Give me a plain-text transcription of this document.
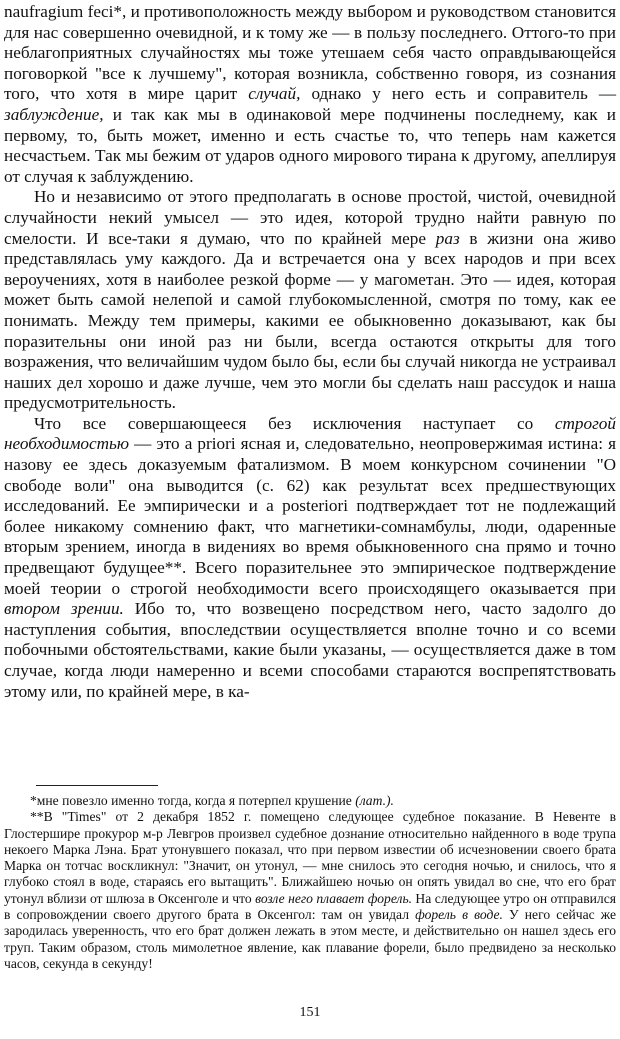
naufragium feci*, и противоположность между выбором и руководством становится для нас совершенно очевидной, и к тому же — в пользу последнего. Оттого-то при неблагоприятных случайностях мы тоже утешаем себя часто оправдывающейся поговоркой "все к лучшему", которая возникла, собственно говоря, из сознания того, что хотя в мире царит случай, однако у него есть и соправитель — заблуждение, и так как мы в одинаковой мере подчинены последнему, как и первому, то, быть может, именно и есть счастье то, что теперь нам кажется несчастьем. Так мы бежим от ударов одного мирового тирана к другому, апеллируя от случая к заблуждению.

Но и независимо от этого предполагать в основе простой, чистой, очевидной случайности некий умысел — это идея, которой трудно найти равную по смелости. И все-таки я думаю, что по крайней мере раз в жизни она живо представлялась уму каждого. Да и встречается она у всех народов и при всех вероучениях, хотя в наиболее резкой форме — у магометан. Это — идея, которая может быть самой нелепой и самой глубокомысленной, смотря по тому, как ее понимать. Между тем примеры, какими ее обыкновенно доказывают, как бы поразительны они иной раз ни были, всегда остаются открыты для того возражения, что величайшим чудом было бы, если бы случай никогда не устраивал наших дел хорошо и даже лучше, чем это могли бы сделать наш рассудок и наша предусмотрительность.

Что все совершающееся без исключения наступает со строгой необходимостью — это a priori ясная и, следовательно, неопровержимая истина: я назову ее здесь доказуемым фатализмом. В моем конкурсном сочинении "О свободе воли" она выводится (с. 62) как результат всех предшествующих исследований. Ее эмпирически и a posteriori подтверждает тот не подлежащий более никакому сомнению факт, что магнетики-сомнамбулы, люди, одаренные вторым зрением, иногда в видениях во время обыкновенного сна прямо и точно предвещают будущее**. Всего поразительнее это эмпирическое подтверждение моей теории о строгой необходимости всего происходящего оказывается при втором зрении. Ибо то, что возвещено посредством него, часто задолго до наступления события, впоследствии осуществляется вполне точно и со всеми побочными обстоятельствами, какие были указаны, — осуществляется даже в том случае, когда люди намеренно и всеми способами стараются воспрепятствовать этому или, по крайней мере, в ка-

*мне повезло именно тогда, когда я потерпел крушение (лат.).

**В "Times" от 2 декабря 1852 г. помещено следующее судебное показание. В Невенте в Глостершире прокурор м-р Левгров произвел судебное дознание относительно найденного в воде трупа некоего Марка Лэна. Брат утонувшего показал, что при первом известии об исчезновении своего брата Марка он тотчас воскликнул: "Значит, он утонул, — мне снилось это сегодня ночью, и снилось, что я глубоко стоял в воде, стараясь его вытащить". Ближайшею ночью он опять увидал во сне, что его брат утонул вблизи от шлюза в Оксенголе и что возле него плавает форель. На следующее утро он отправился в сопровождении своего другого брата в Оксенгол: там он увидал форель в воде. У него сейчас же зародилась уверенность, что его брат должен лежать в этом месте, и действительно он нашел здесь его труп. Таким образом, столь мимолетное явление, как плавание форели, было предвидено за несколько часов, секунда в секунду!

151
